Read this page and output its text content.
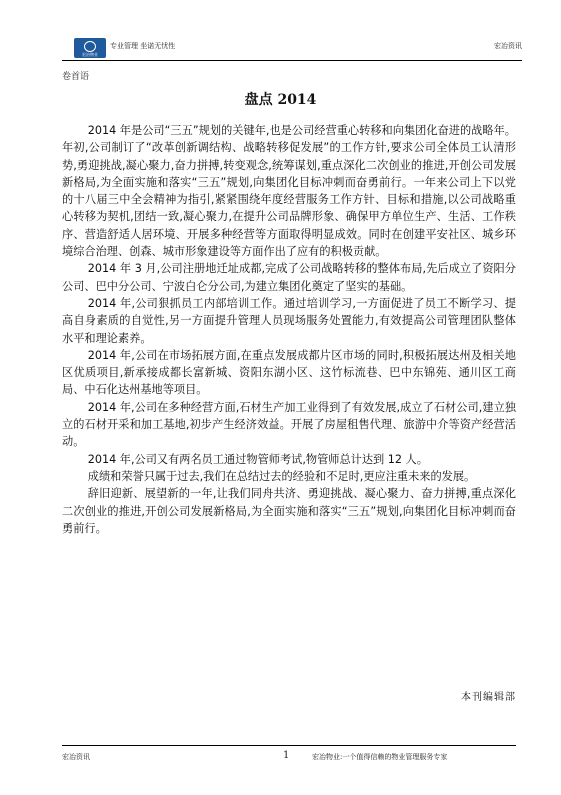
宏冶物业
专业管理 坐诺无忧性	宏冶资讯
卷首语
盘点 2014

2014 年是公司“三五”规划的关键年,也是公司经营重心转移和向集团化奋进的战略年。年初,公司制订了“改革创新调结构、战略转移促发展”的工作方针,要求公司全体员工认清形势,勇迎挑战,凝心聚力,奋力拼搏,转变观念,统筹谋划,重点深化二次创业的推进,开创公司发展新格局,为全面实施和落实“三五”规划,向集团化目标冲刺而奋勇前行。一年来公司上下以党的十八届三中全会精神为指引,紧紧围绕年度经营服务工作方针、目标和措施,以公司战略重心转移为契机,团结一致,凝心聚力,在提升公司品牌形象、确保甲方单位生产、生活、工作秩序、营造舒适人居环境、开展多种经营等方面取得明显成效。同时在创建平安社区、城乡环境综合治理、创森、城市形象建设等方面作出了应有的积极贡献。

2014 年 3 月,公司注册地迁址成都,完成了公司战略转移的整体布局,先后成立了资阳分公司、巴中分公司、宁波白仑分公司,为建立集团化奠定了坚实的基础。

2014 年,公司狠抓员工内部培训工作。通过培训学习,一方面促进了员工不断学习、提高自身素质的自觉性,另一方面提升管理人员现场服务处置能力,有效提高公司管理团队整体水平和理论素养。

2014 年,公司在市场拓展方面,在重点发展成都片区市场的同时,积极拓展达州及相关地区优质项目,新承接成都长富新城、资阳东湖小区、这竹标流巷、巴中东锦苑、通川区工商局、中石化达州基地等项目。

2014 年,公司在多种经营方面,石材生产加工业得到了有效发展,成立了石材公司,建立独立的石材开采和加工基地,初步产生经济效益。开展了房屋租售代理、旅游中介等资产经营活动。

2014 年,公司又有两名员工通过物管师考试,物管师总计达到 12 人。

成绩和荣誉只属于过去,我们在总结过去的经验和不足时,更应注重未来的发展。

辞旧迎新、展望新的一年,让我们同舟共济、勇迎挑战、凝心聚力、奋力拼搏,重点深化二次创业的推进,开创公司发展新格局,为全面实施和落实“三五”规划,向集团化目标冲刺而奋勇前行。

本刊编辑部
宏冶资讯	1	宏冶物业:一个值得信赖的物业管理服务专家
